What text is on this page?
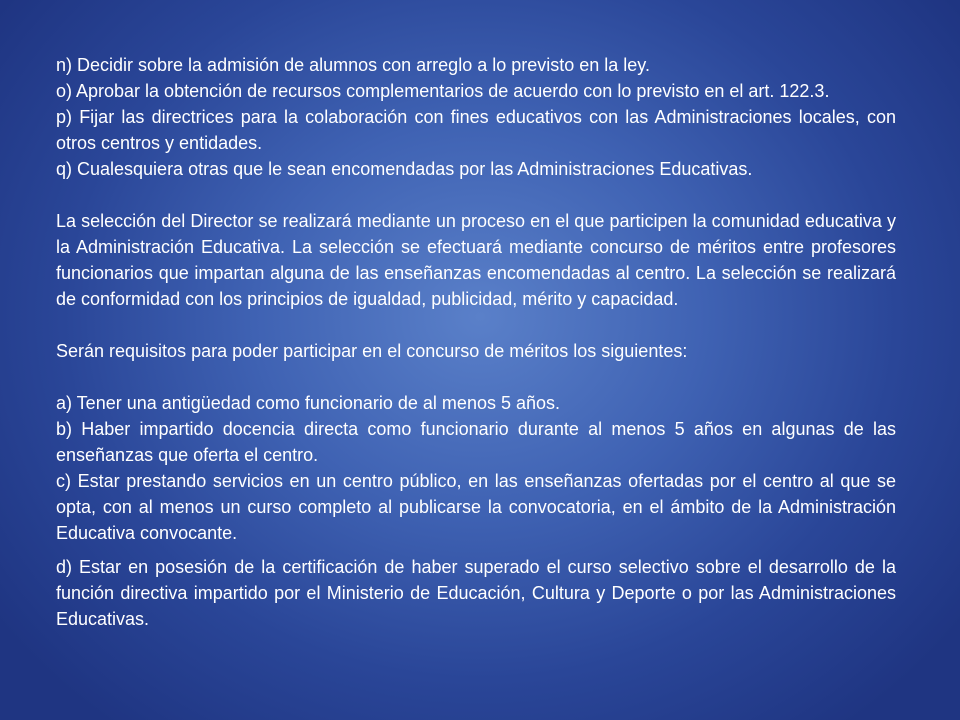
n) Decidir sobre la admisión de alumnos con arreglo a lo previsto en la ley.

o) Aprobar la obtención de recursos complementarios de acuerdo con lo previsto en el art. 122.3.

p) Fijar las directrices para la colaboración con fines educativos con las Administraciones locales, con otros centros y entidades.

q) Cualesquiera otras que le sean encomendadas por las Administraciones Educativas.

La selección del Director se realizará mediante un proceso en el que participen la comunidad educativa y la Administración Educativa. La selección se efectuará mediante concurso de méritos entre profesores funcionarios que impartan alguna de las enseñanzas encomendadas al centro. La selección se realizará de conformidad con los principios de igualdad, publicidad, mérito y capacidad.

Serán requisitos para poder participar en el concurso de méritos los siguientes:

a) Tener una antigüedad como funcionario de al menos 5 años.

b) Haber impartido docencia directa como funcionario durante al menos 5 años en algunas de las enseñanzas que oferta el centro.

c) Estar prestando servicios en un centro público, en las enseñanzas ofertadas por el centro al que se opta, con al menos un curso completo al publicarse la convocatoria, en el ámbito de la Administración Educativa convocante.

d) Estar en posesión de la certificación de haber superado el curso selectivo sobre el desarrollo de la función directiva impartido por el Ministerio de Educación, Cultura y Deporte o por las Administraciones Educativas.
